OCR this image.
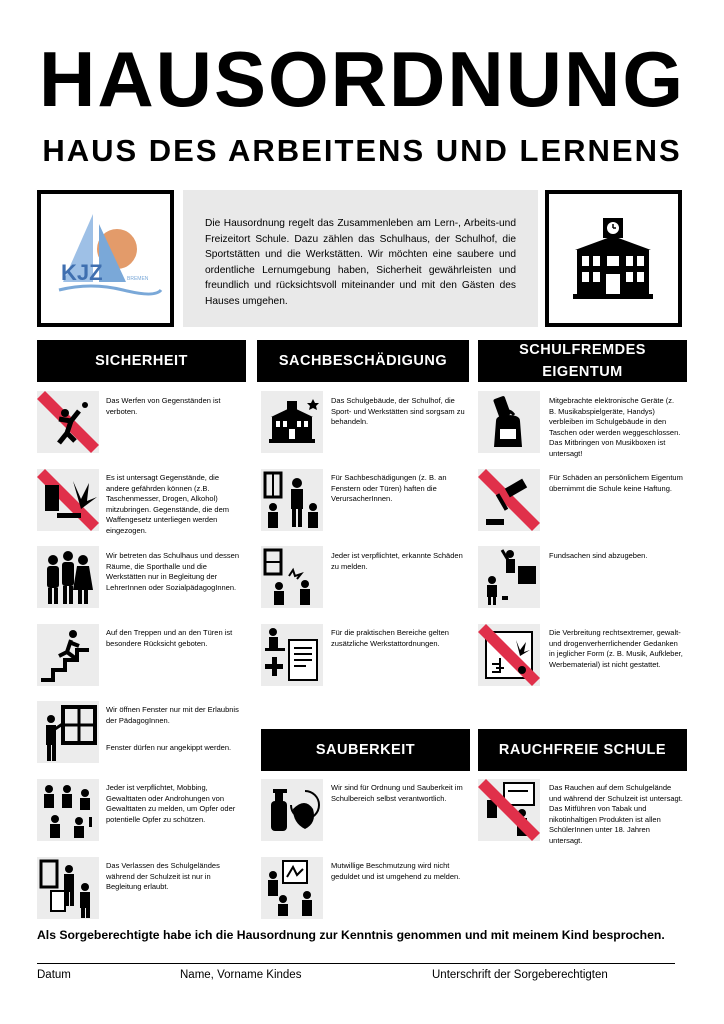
HAUSORDNUNG
HAUS DES ARBEITENS UND LERNENS
KJZ	BREMEN
Die Hausordnung regelt das Zusammenleben am Lern-, Arbeits-und Freizeitort Schule. Dazu zählen das Schulhaus, der Schulhof, die Sportstätten und die Werkstätten. Wir möchten eine saubere und ordentliche Lernumgebung haben, Sicherheit gewährleisten und freundlich und rücksichtsvoll miteinander und mit den Gästen des Hauses umgehen.
SICHERHEIT	SACHBESCHÄDIGUNG
SCHULFREMDES
EIGENTUM
SAUBERKEIT	RAUCHFREIE SCHULE
Das Werfen von Gegenständen ist verboten.
Es ist untersagt Gegenstände, die andere gefährden können (z.B. Taschenmesser, Drogen, Alkohol) mitzubringen. Gegenstände, die dem Waffengesetz unterliegen werden eingezogen.
Wir betreten das Schulhaus und dessen Räume, die Sporthalle und die Werkstätten nur in Begleitung der LehrerInnen oder SozialpädagogInnen.
Auf den Treppen und an den Türen ist besondere Rücksicht geboten.
Wir öffnen Fenster nur mit der Erlaubnis der PädagogInnen.
Fenster dürfen nur angekippt werden.
Jeder ist verpflichtet, Mobbing, Gewalttaten oder Androhungen von Gewalttaten zu melden, um Opfer oder potentielle Opfer zu schützen.
Das Verlassen des Schulgeländes während der Schulzeit ist nur in Begleitung erlaubt.
Das Schulgebäude, der Schulhof, die Sport- und Werkstätten sind sorgsam zu behandeln.
Für Sachbeschädigungen (z. B. an Fenstern oder Türen) haften die VerursacherInnen.
Jeder ist verpflichtet, erkannte Schäden zu melden.
Für die praktischen Bereiche gelten zusätzliche Werkstattordnungen.
Mitgebrachte elektronische Geräte (z. B. Musikabspielgeräte, Handys) verbleiben im Schulgebäude in den Taschen oder werden weggeschlossen. Das Mitbringen von Musikboxen ist untersagt!
Für Schäden an persönlichem Eigentum übernimmt die Schule keine Haftung.
Fundsachen sind abzugeben.
Die Verbreitung rechtsextremer, gewalt- und drogenverherrlichender Gedanken in jeglicher Form (z. B. Musik, Aufkleber, Werbematerial) ist nicht gestattet.
Wir sind für Ordnung und Sauberkeit im Schulbereich selbst verantwortlich.
Mutwillige Beschmutzung wird nicht geduldet und ist umgehend zu melden.
Das Rauchen auf dem Schulgelände und während der Schulzeit ist untersagt. Das Mitführen von Tabak und nikotinhaltigen Produkten ist allen SchülerInnen unter 18. Jahren untersagt.
Als Sorgeberechtigte habe ich die Hausordnung zur Kenntnis genommen und mit meinem Kind besprochen.
Datum	Name, Vorname Kindes	Unterschrift der Sorgeberechtigten
